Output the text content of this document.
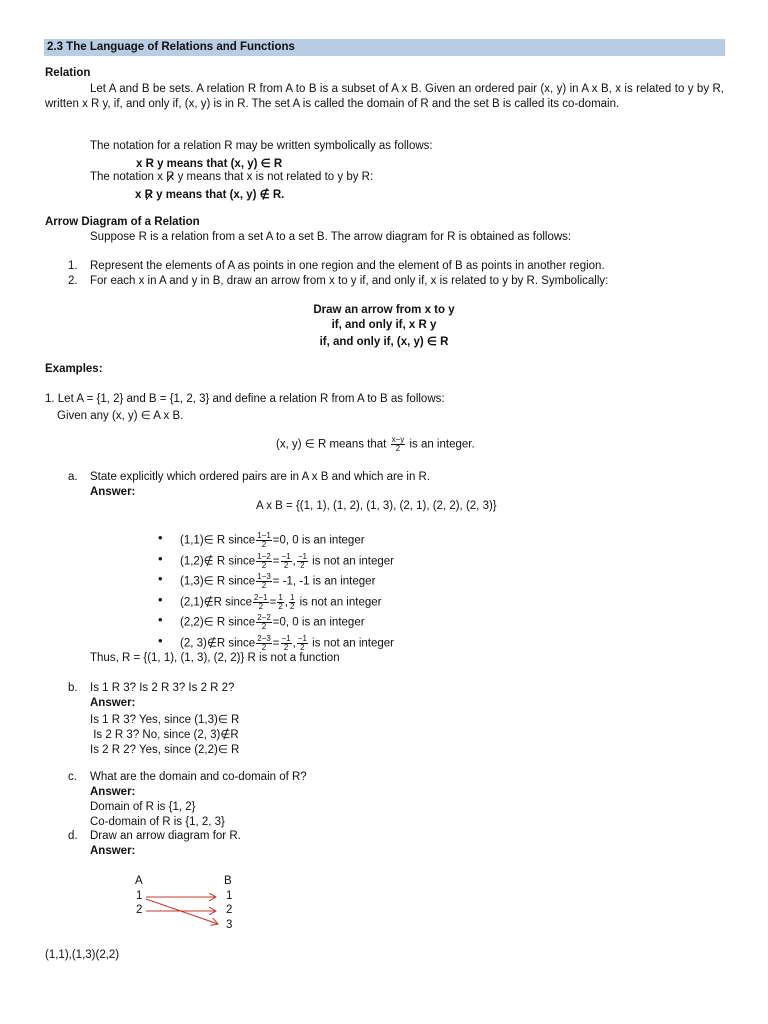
2.3 The Language of Relations and Functions
Relation
Let A and B be sets. A relation R from A to B is a subset of A x B. Given an ordered pair (x, y) in A x B, x is related to y by R, written x R y, if, and only if, (x, y) is in R. The set A is called the domain of R and the set B is called its co-domain.
The notation for a relation R may be written symbolically as follows:
x R y means that (x, y) ∈ R
The notation x R y means that x is not related to y by R:
x R y means that (x, y) ∉ R.
Arrow Diagram of a Relation
Suppose R is a relation from a set A to a set B. The arrow diagram for R is obtained as follows:
1. Represent the elements of A as points in one region and the element of B as points in another region.
2. For each x in A and y in B, draw an arrow from x to y if, and only if, x is related to y by R. Symbolically:
Draw an arrow from x to y
if, and only if, x R y
if, and only if, (x, y) ∈ R
Examples:
1. Let A = {1, 2} and B = {1, 2, 3} and define a relation R from A to B as follows:
Given any (x, y) ∈ A x B.
(x, y) ∈ R means that $\frac{x-y}{2}$ is an integer.
a. State explicitly which ordered pairs are in A x B and which are in R.
Answer:
A x B = {(1, 1), (1, 2), (1, 3), (2, 1), (2, 2), (2, 3)}
• (1,1)∈ R since $\frac{1-1}{2} =0$, 0 is an integer
• (1,2)∉ R since $\frac{1-2}{2} = \frac{-1}{2}$ , $\frac{-1}{2}$ is not an integer
• (1,3)∈ R since $\frac{1-3}{2} = -1$, -1 is an integer
• (2,1)∉R since $\frac{2-1}{2} = \frac{1}{2}$ , $\frac{1}{2}$ is not an integer
• (2,2)∈ R since $\frac{2-2}{2} =0$, 0 is an integer
• (2, 3)∉R since $\frac{2-3}{2} = \frac{-1}{2}$ , $\frac{-1}{2}$ is not an integer
Thus, R = {(1, 1), (1, 3), (2, 2)} R is not a function
b. Is 1 R 3? Is 2 R 3? Is 2 R 2?
Answer:
Is 1 R 3? Yes, since (1,3)∈ R
Is 2 R 3? No, since (2, 3)∉R
Is 2 R 2? Yes, since (2,2)∈ R
c. What are the domain and co-domain of R?
Answer:
Domain of R is {1, 2}
Co-domain of R is {1, 2, 3}
d. Draw an arrow diagram for R.
Answer:
A	B
1
2
1
2
3
(1,1),(1,3)(2,2)
